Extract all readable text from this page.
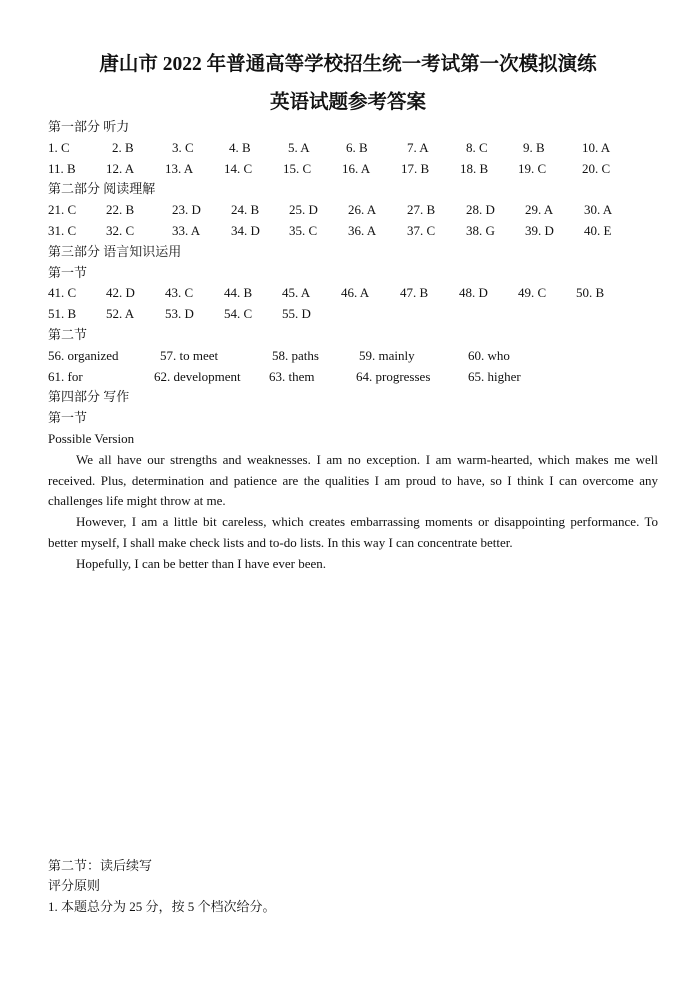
唐山市 2022 年普通高等学校招生统一考试第一次模拟演练
英语试题参考答案
第一部分 听力
1. C	2. B	3. C	4. B	5. A	6. B	7. A	8. C	9. B	10. A
11. B 12. A 13. A 14. C 15. C 16. A 17. B 18. B 19. C	20. C
第二部分 阅读理解
21. C 22. B	23. D 24. B 25. D 26. A 27. B 28. D 29. A 30. A
31. C 32. C	33. A 34. D 35. C 36. A 37. C 38. G 39. D 40. E
第三部分 语言知识运用
第一节
41. C 42. D 43. C 44. B 45. A 46. A 47. B 48. D 49. C 50. B
51. B 52. A 53. D 54. C 55. D
第二节
56. organized	57. to meet	58. paths	59. mainly	60. who
61. for	62. development 63. them	64. progresses	65. higher
第四部分 写作
第一节
Possible Version

We all have our strengths and weaknesses. I am no exception. I am warm-hearted, which makes me well received. Plus, determination and patience are the qualities I am proud to have, so I think I can overcome any challenges life might throw at me.

However, I am a little bit careless, which creates embarrassing moments or disappointing performance. To better myself, I shall make check lists and to-do lists. In this way I can concentrate better.

Hopefully, I can be better than I have ever been.

第二节：读后续写
评分原则
1. 本题总分为 25 分，按 5 个档次给分。
